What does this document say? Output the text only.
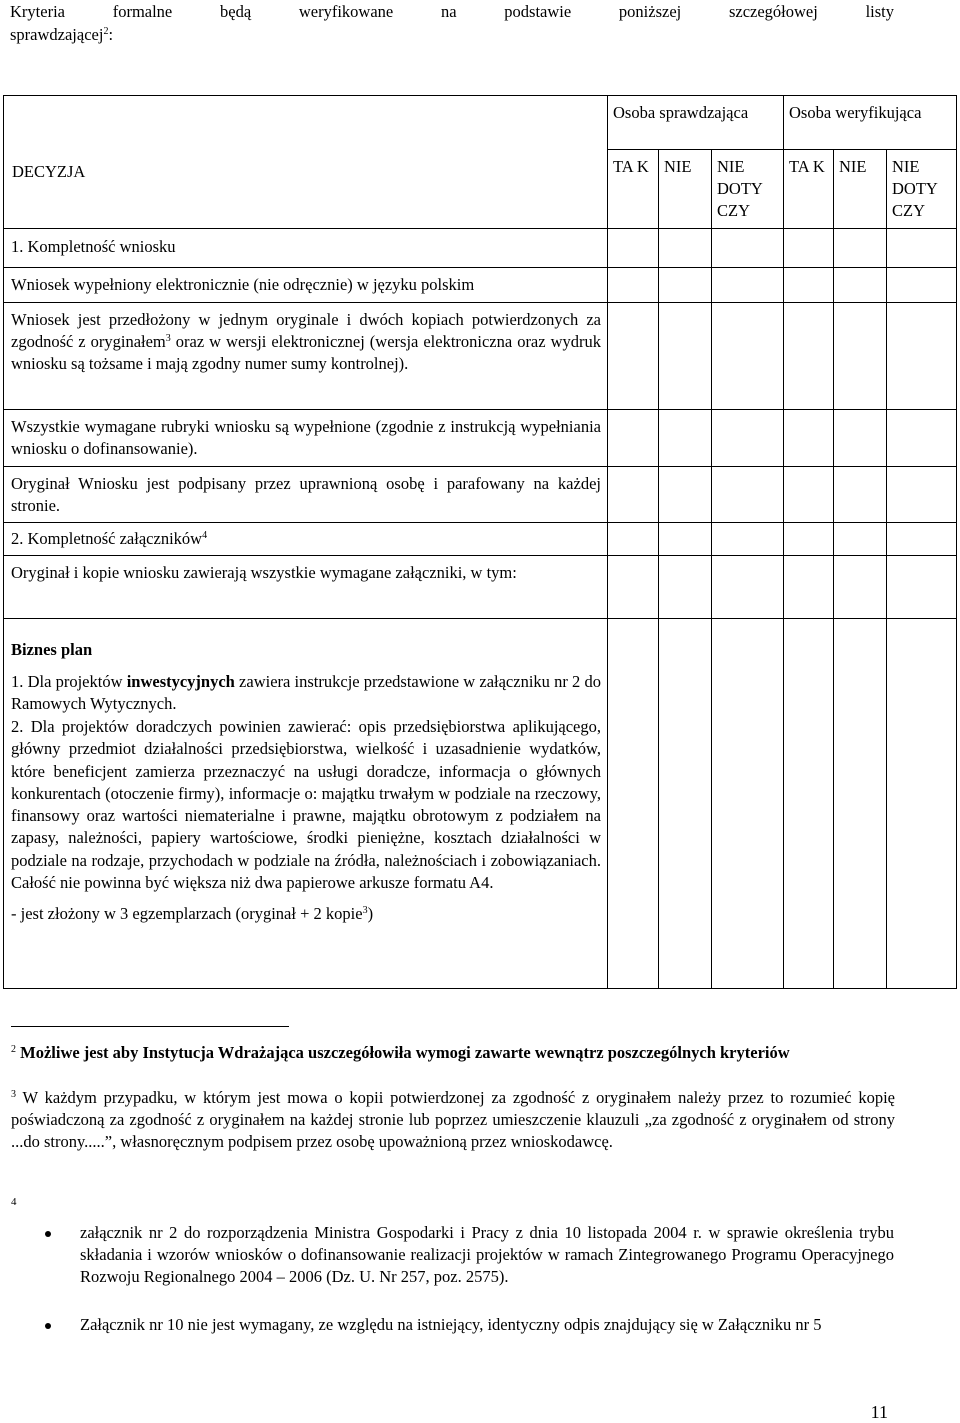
Kryteria formalne będą weryfikowane na podstawie poniższej szczegółowej listy
sprawdzającej$^2$:
DECYZJA	Osoba sprawdzająca			Osoba weryfikująca		
	TA K	NIE	NIE DOTY CZY	TA K	NIE	NIE DOTY CZY

1. Kompletność wniosku						

Wniosek wypełniony elektronicznie (nie odręcznie) w języku polskim						

Wniosek jest przedłożony w jednym oryginale i dwóch kopiach potwierdzonych za zgodność z oryginałem$^3$ oraz w wersji elektronicznej (wersja elektroniczna oraz wydruk wniosku są tożsame i mają zgodny numer sumy kontrolnej).						

Wszystkie wymagane rubryki wniosku są wypełnione (zgodnie z instrukcją wypełniania wniosku o dofinansowanie).						

Oryginał Wniosku jest podpisany przez uprawnioną osobę i parafowany na każdej stronie.						

2. Kompletność załączników$^4$

Oryginał i kopie wniosku zawierają wszystkie wymagane załączniki, w tym:						

Biznes plan
1. Dla projektów inwestycyjnych zawiera instrukcje przedstawione w załączniku nr 2 do Ramowych Wytycznych.
2. Dla projektów doradczych powinien zawierać: opis przedsiębiorstwa aplikującego, główny przedmiot działalności przedsiębiorstwa, wielkość i uzasadnienie wydatków, które beneficjent zamierza przeznaczyć na usługi doradcze, informacja o głównych konkurentach (otoczenie firmy), informacje o: majątku trwałym w podziale na rzeczowy, finansowy oraz wartości niematerialne i prawne, majątku obrotowym z podziałem na zapasy, należności, papiery wartościowe, środki pieniężne, kosztach działalności w podziale na rodzaje, przychodach w podziale na źródła, należnościach i zobowiązaniach. Całość nie powinna być większa niż dwa papierowe arkusze formatu A4.
- jest złożony w 3 egzemplarzach (oryginał + 2 kopie$^3$)						

$^2$ Możliwe jest aby Instytucja Wdrażająca uszczegółowiła wymogi zawarte wewnątrz poszczególnych kryteriów
$^3$ W każdym przypadku, w którym jest mowa o kopii potwierdzonej za zgodność z oryginałem należy przez to rozumieć kopię poświadczoną za zgodność z oryginałem na każdej stronie lub poprzez umieszczenie klauzuli „za zgodność z oryginałem od strony ...do strony.....”, własnoręcznym podpisem przez osobę upoważnioną przez wnioskodawcę.
4
załącznik nr 2 do rozporządzenia Ministra Gospodarki i Pracy z dnia 10 listopada 2004 r. w sprawie określenia trybu składania i wzorów wniosków o dofinansowanie realizacji projektów w ramach Zintegrowanego Programu Operacyjnego Rozwoju Regionalnego 2004 – 2006 (Dz. U. Nr 257, poz. 2575).
Załącznik nr 10 nie jest wymagany, ze względu na istniejący, identyczny odpis znajdujący się w Załączniku nr 5
11
